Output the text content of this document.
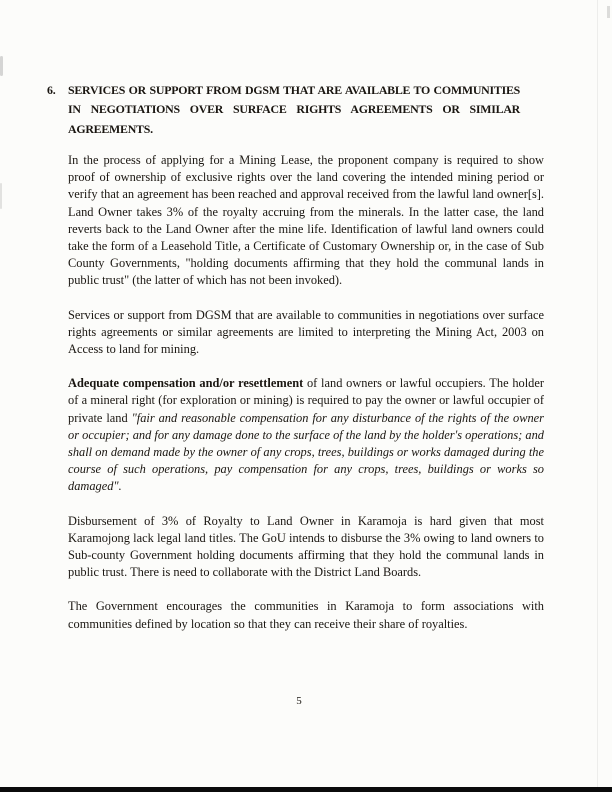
6.	SERVICES OR SUPPORT FROM DGSM THAT ARE AVAILABLE TO COMMUNITIES IN NEGOTIATIONS OVER SURFACE RIGHTS AGREEMENTS OR SIMILAR AGREEMENTS.

In the process of applying for a Mining Lease, the proponent company is required to show proof of ownership of exclusive rights over the land covering the intended mining period or verify that an agreement has been reached and approval received from the lawful land owner[s]. Land Owner takes 3% of the royalty accruing from the minerals. In the latter case, the land reverts back to the Land Owner after the mine life. Identification of lawful land owners could take the form of a Leasehold Title, a Certificate of Customary Ownership or, in the case of Sub County Governments, "holding documents affirming that they hold the communal lands in public trust" (the latter of which has not been invoked).

Services or support from DGSM that are available to communities in negotiations over surface rights agreements or similar agreements are limited to interpreting the Mining Act, 2003 on Access to land for mining.

Adequate compensation and/or resettlement of land owners or lawful occupiers. The holder of a mineral right (for exploration or mining) is required to pay the owner or lawful occupier of private land "fair and reasonable compensation for any disturbance of the rights of the owner or occupier; and for any damage done to the surface of the land by the holder's operations; and shall on demand made by the owner of any crops, trees, buildings or works damaged during the course of such operations, pay compensation for any crops, trees, buildings or works so damaged".

Disbursement of 3% of Royalty to Land Owner in Karamoja is hard given that most Karamojong lack legal land titles. The GoU intends to disburse the 3% owing to land owners to Sub-county Government holding documents affirming that they hold the communal lands in public trust. There is need to collaborate with the District Land Boards.

The Government encourages the communities in Karamoja to form associations with communities defined by location so that they can receive their share of royalties.

5
